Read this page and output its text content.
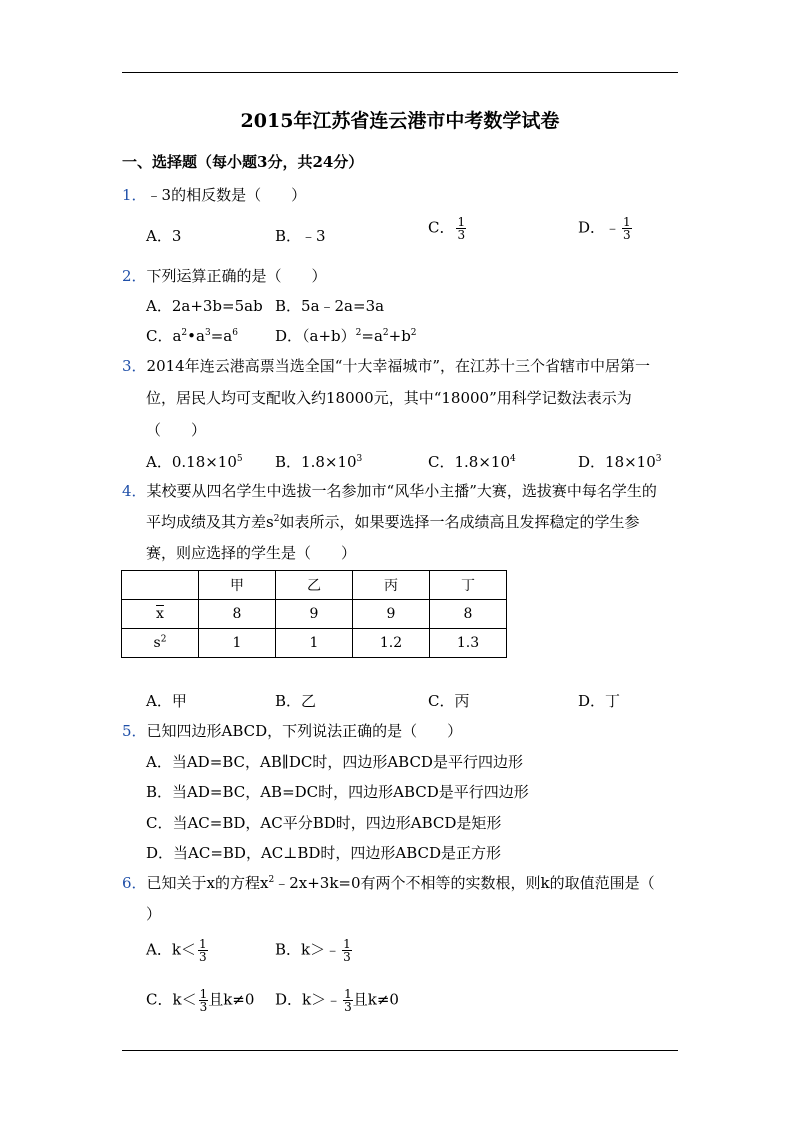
2015年江苏省连云港市中考数学试卷
一、选择题（每小题3分，共24分）
1．﹣3的相反数是（　　）
A．3	B．﹣3	C． $\frac{1}{3}$	D．﹣ $\frac{1}{3}$
2．下列运算正确的是（　　）
A．2a+3b=5ab B．5a﹣2a=3a
C．$a^2•a^3=a^6$ D．$(a+b)^2=a^2+b^2$
3．2014年连云港高票当选全国“十大幸福城市”，在江苏十三个省辖市中居第一
位，居民人均可支配收入约18000元，其中“18000”用科学记数法表示为
（　　）
A．$0.18\times 10^5$ B．$1.8\times 10^3$	C．$1.8\times 10^4$	D．$18\times 10^3$
4．某校要从四名学生中选拔一名参加市“风华小主播”大赛，选拔赛中每名学生的
平均成绩及其方差$s^2$如表所示，如果要选择一名成绩高且发挥稳定的学生参
赛，则应选择的学生是（　　）
	甲	乙	丙	丁
$\overline{x}$	8	9	9	8
$s^2$	1	1	1.2	1.3
A．甲	B．乙	C．丙	D．丁
5．已知四边形ABCD，下列说法正确的是（　　）
A．当AD=BC，AB∥DC时，四边形ABCD是平行四边形
B．当AD=BC，AB=DC时，四边形ABCD是平行四边形
C．当AC=BD，AC平分BD时，四边形ABCD是矩形
D．当AC=BD，AC⊥BD时，四边形ABCD是正方形
6．已知关于x的方程$x^2﹣2x+3k=0$有两个不相等的实数根，则k的取值范围是（
）
A．$k< \frac{1}{3}$	B．k＞﹣ $\frac{1}{3}$
C．$k< \frac{1}{3}$ 且k≠0 D．k＞﹣ $\frac{1}{3}$ 且k≠0
